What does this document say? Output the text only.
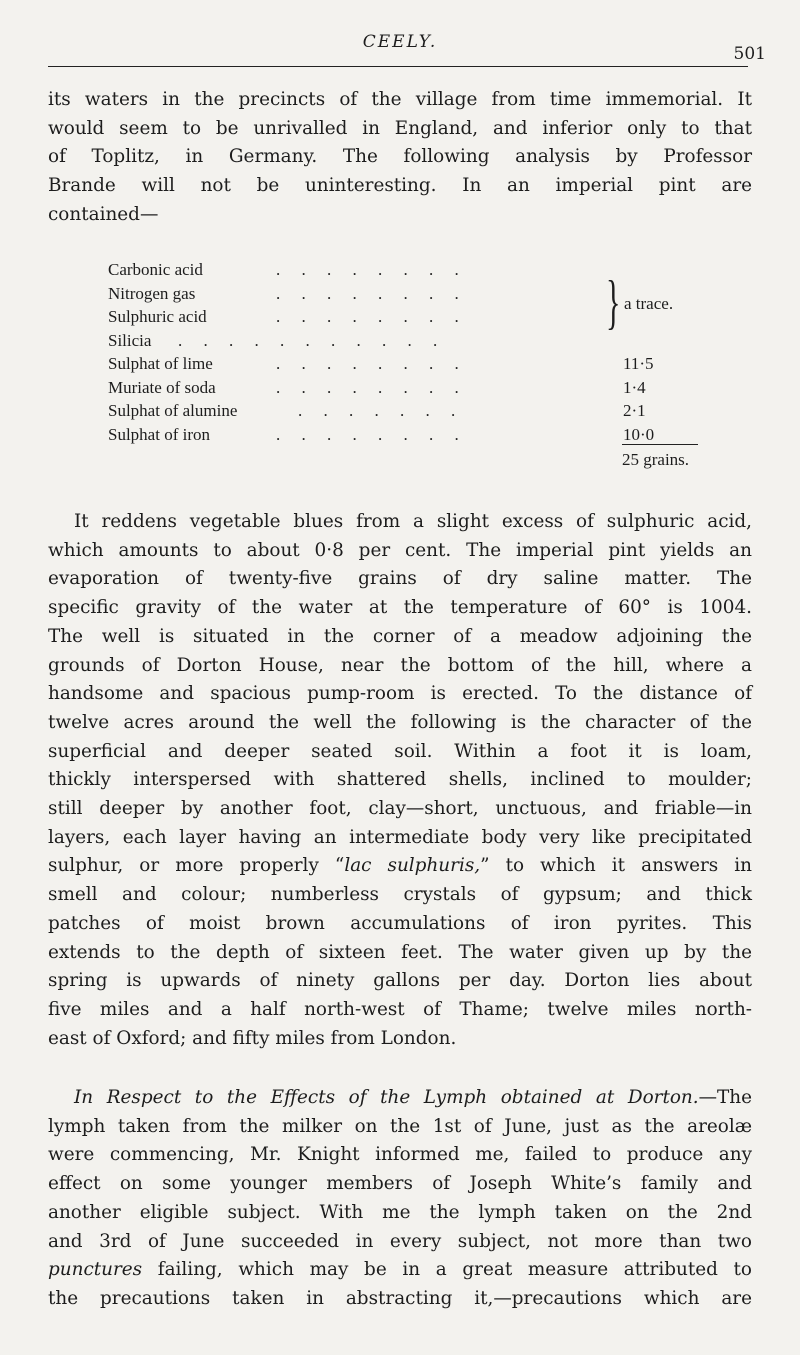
CEELY.
501
its waters in the precincts of the village from time immemorial. It
would seem to be unrivalled in England, and inferior only to that
of Toplitz, in Germany. The following analysis by Professor
Brande will not be uninteresting. In an imperial pint are
contained—
Carbonic acid	.     .     .     .     .     .     .     .
Nitrogen gas	.     .     .     .     .     .     .     .
Sulphuric acid	.     .     .     .     .     .     .     .
Silicia .     .     .     .     .     .     .     .     .     .     .
Sulphat of lime	.     .     .     .     .     .     .     .	11·5
Muriate of soda	.     .     .     .     .     .     .     .	1·4
Sulphat of alumine	.     .     .     .     .     .     .	2·1
Sulphat of iron	.     .     .     .     .     .     .     .	10·0
} a trace.
25 grains.
It reddens vegetable blues from a slight excess of sulphuric acid,
which amounts to about 0·8 per cent. The imperial pint yields an
evaporation of twenty-five grains of dry saline matter. The
specific gravity of the water at the temperature of 60° is 1004.
The well is situated in the corner of a meadow adjoining the
grounds of Dorton House, near the bottom of the hill, where a
handsome and spacious pump-room is erected. To the distance of
twelve acres around the well the following is the character of the
superficial and deeper seated soil. Within a foot it is loam,
thickly interspersed with shattered shells, inclined to moulder;
still deeper by another foot, clay—short, unctuous, and friable—in
layers, each layer having an intermediate body very like precipitated
sulphur, or more properly “lac sulphuris,” to which it answers in
smell and colour; numberless crystals of gypsum; and thick
patches of moist brown accumulations of iron pyrites. This
extends to the depth of sixteen feet. The water given up by the
spring is upwards of ninety gallons per day. Dorton lies about
five miles and a half north-west of Thame; twelve miles north-
east of Oxford; and fifty miles from London.
In Respect to the Effects of the Lymph obtained at Dorton.—The
lymph taken from the milker on the 1st of June, just as the areolæ
were commencing, Mr. Knight informed me, failed to produce any
effect on some younger members of Joseph White’s family and
another eligible subject. With me the lymph taken on the 2nd
and 3rd of June succeeded in every subject, not more than two
punctures failing, which may be in a great measure attributed to
the precautions taken in abstracting it,—precautions which are
